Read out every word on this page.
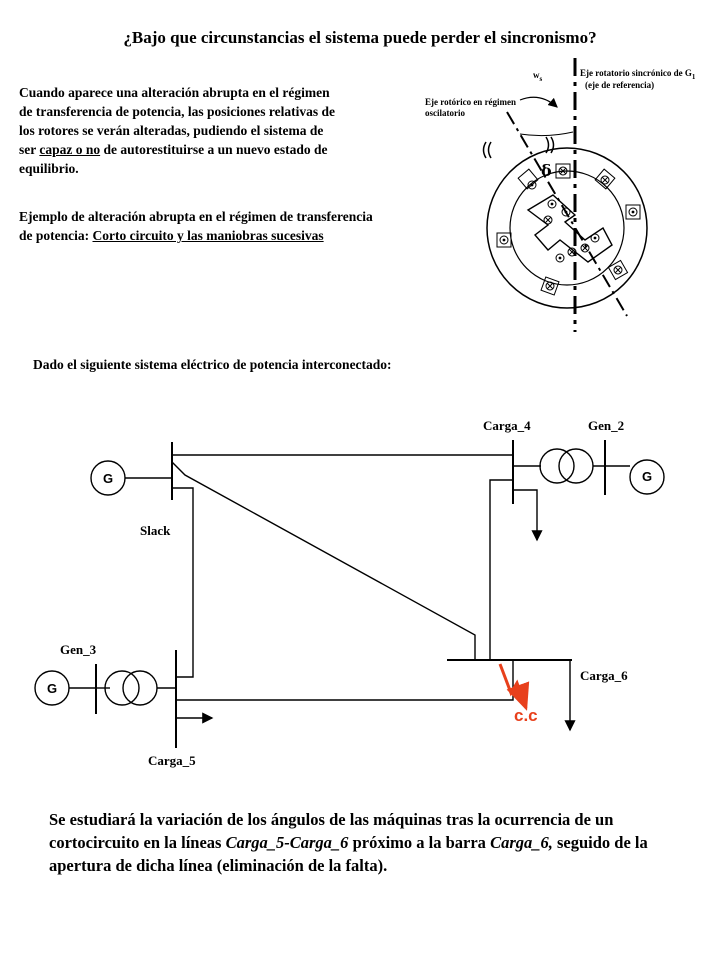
¿Bajo que circunstancias el sistema puede perder el sincronismo?
Cuando aparece una alteración abrupta en el régimen
de transferencia de potencia, las posiciones relativas de
los rotores se verán alteradas, pudiendo el sistema de
ser capaz o no de autorestituirse a un nuevo estado de
equilibrio.
Ejemplo de alteración abrupta en el régimen de transferencia
de potencia: Corto circuito y las maniobras sucesivas
$w_s$
Eje rotatorio sincrónico de $G_1$
(eje de referencia)
Eje rotórico en régimen
oscilatorio
δ
Dado el siguiente sistema eléctrico de potencia interconectado:
Carga_4	Gen_2
Slack
Gen_3
Carga_6
Carga_5
c.c
G	G
G
Se estudiará la variación de los ángulos de las máquinas tras la ocurrencia de un cortocircuito en la líneas Carga_5-Carga_6 próximo a la barra Carga_6, seguido de la apertura de dicha línea (eliminación de la falta).
